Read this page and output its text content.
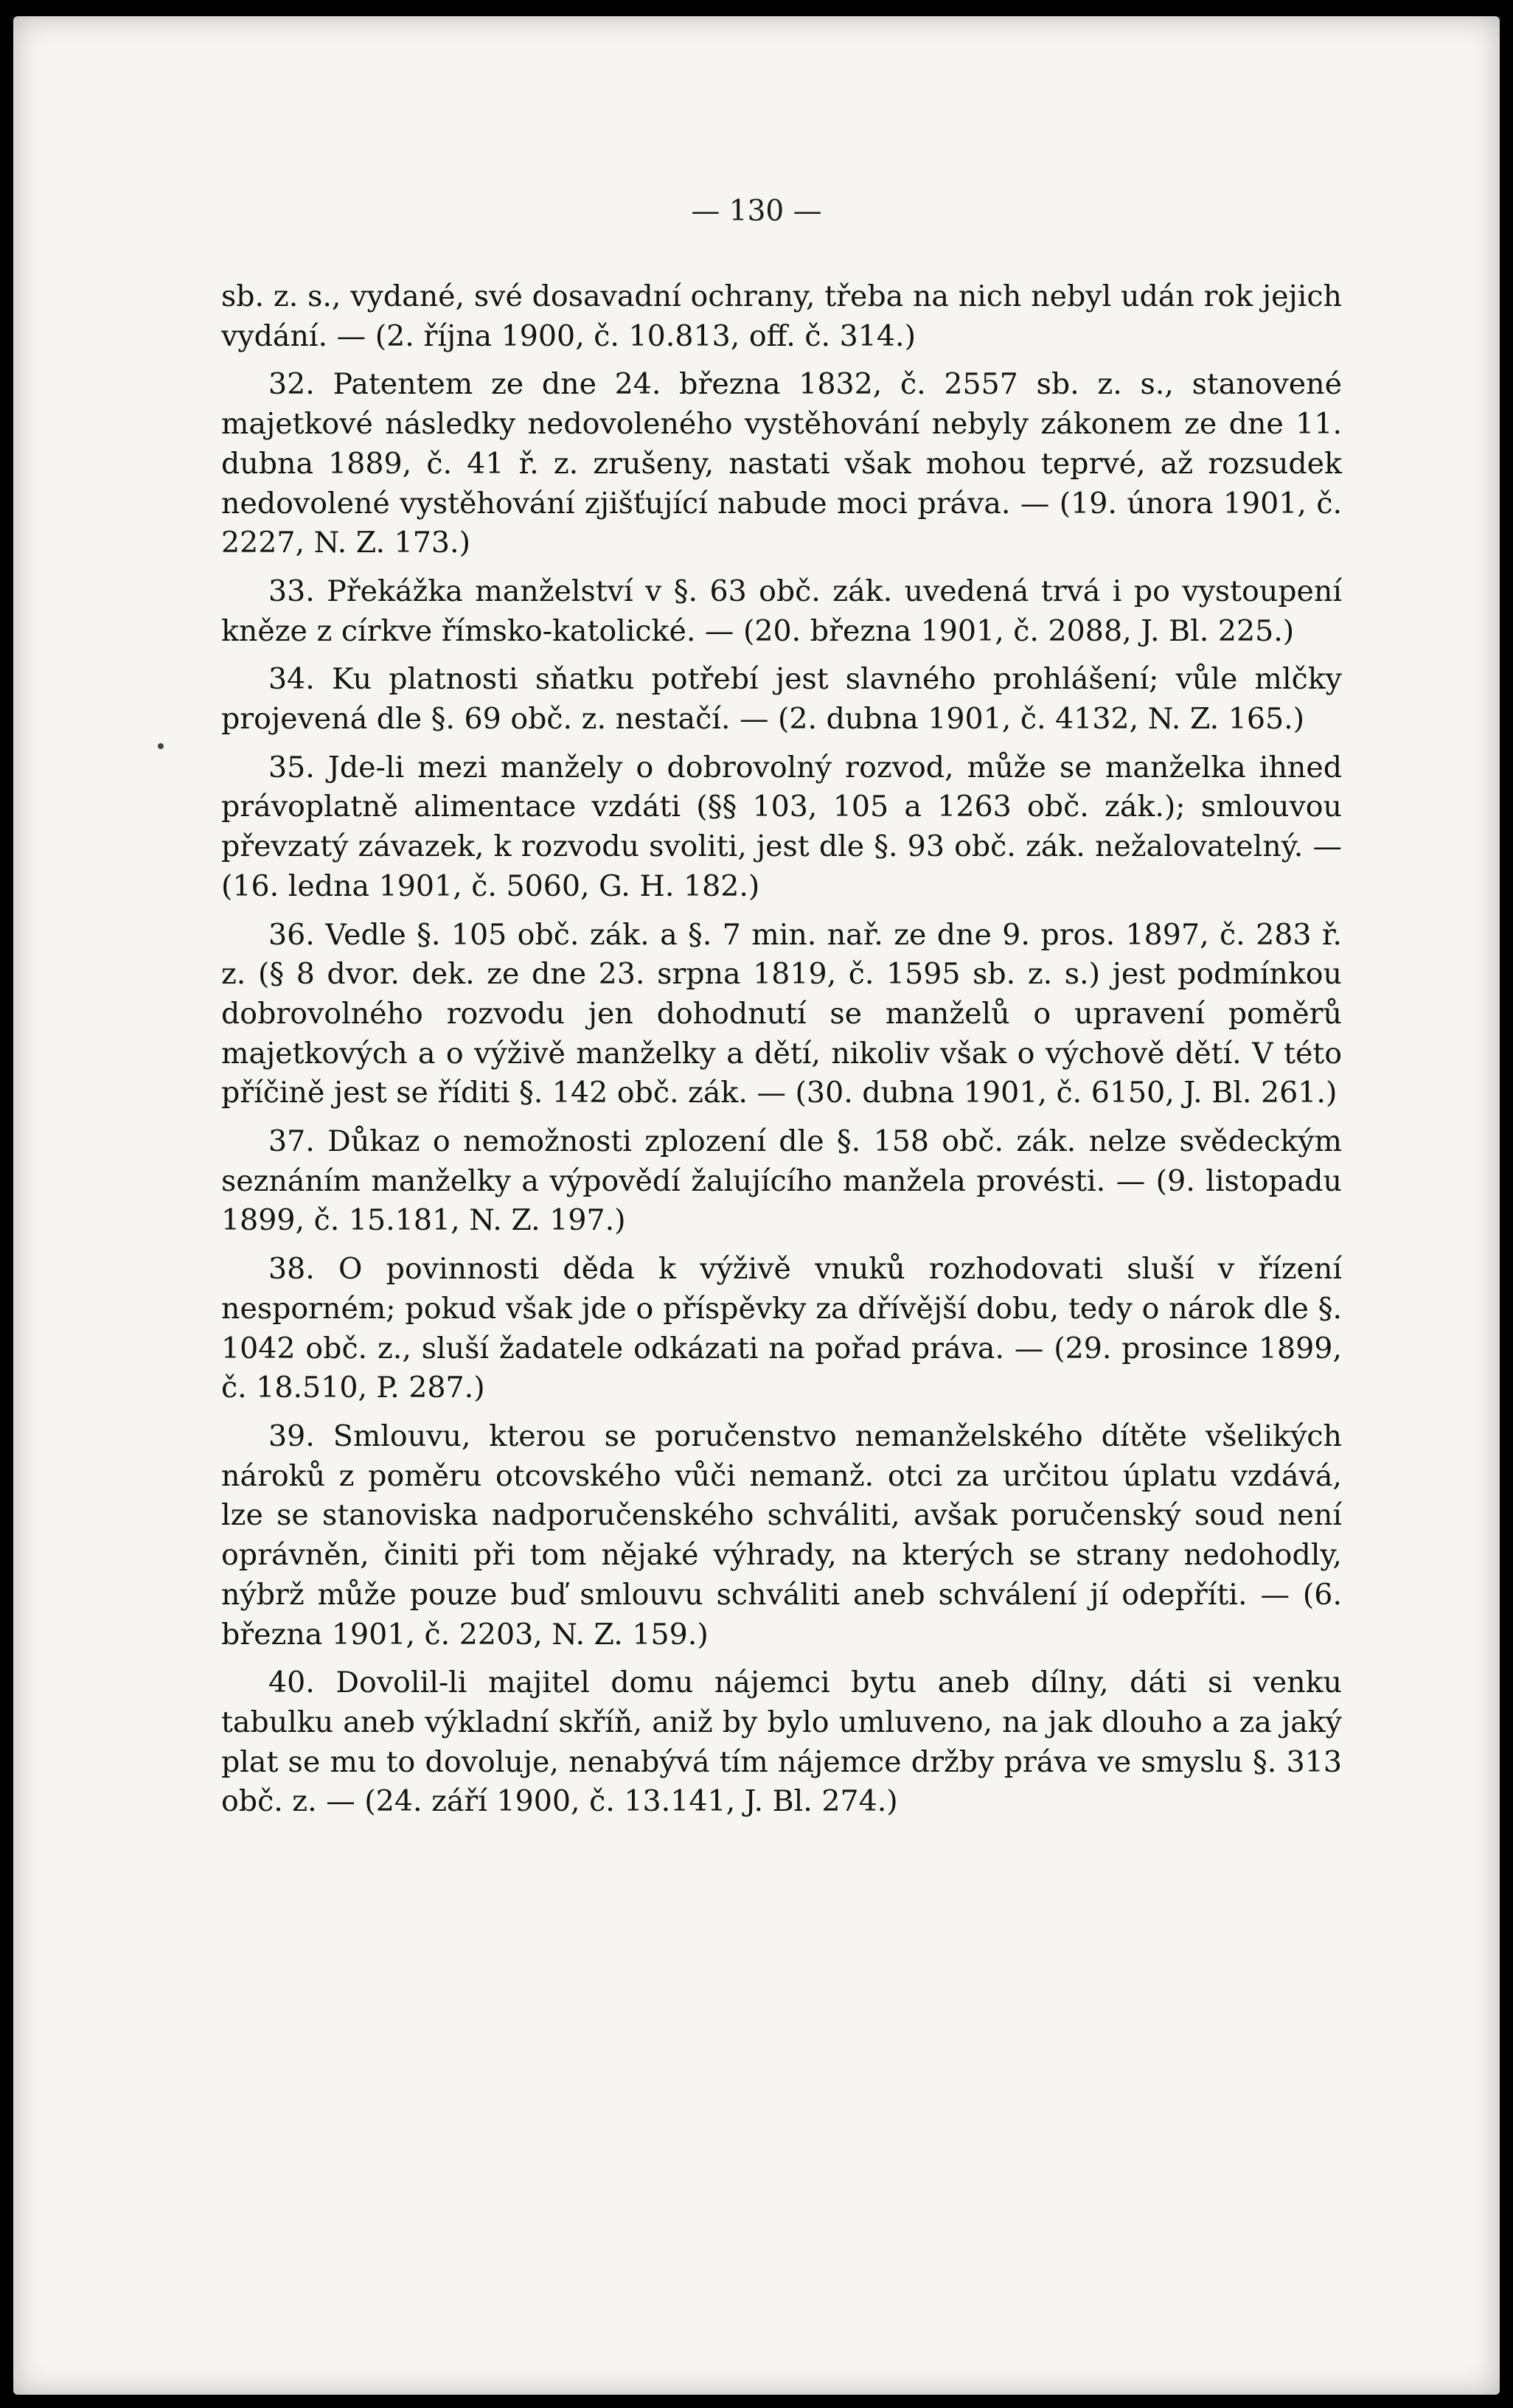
— 130 —

sb. z. s., vydané, své dosavadní ochrany, třeba na nich nebyl udán rok jejich vydání. — (2. října 1900, č. 10.813, off. č. 314.)

32. Patentem ze dne 24. března 1832, č. 2557 sb. z. s., stanovené majetkové následky nedovoleného vystěhování nebyly zákonem ze dne 11. dubna 1889, č. 41 ř. z. zrušeny, nastati však mohou teprvé, až rozsudek nedovolené vystěhování zjišťující nabude moci práva. — (19. února 1901, č. 2227, N. Z. 173.)

33. Překážka manželství v §. 63 obč. zák. uvedená trvá i po vystoupení kněze z církve římsko-katolické. — (20. března 1901, č. 2088, J. Bl. 225.)

34. Ku platnosti sňatku potřebí jest slavného prohlášení; vůle mlčky projevená dle §. 69 obč. z. nestačí. — (2. dubna 1901, č. 4132, N. Z. 165.)

35. Jde-li mezi manžely o dobrovolný rozvod, může se manželka ihned právoplatně alimentace vzdáti (§§ 103, 105 a 1263 obč. zák.); smlouvou převzatý závazek, k rozvodu svoliti, jest dle §. 93 obč. zák. nežalovatelný. — (16. ledna 1901, č. 5060, G. H. 182.)

36. Vedle §. 105 obč. zák. a §. 7 min. nař. ze dne 9. pros. 1897, č. 283 ř. z. (§ 8 dvor. dek. ze dne 23. srpna 1819, č. 1595 sb. z. s.) jest podmínkou dobrovolného rozvodu jen dohodnutí se manželů o upravení poměrů majetkových a o výživě manželky a dětí, nikoliv však o výchově dětí. V této příčině jest se říditi §. 142 obč. zák. — (30. dubna 1901, č. 6150, J. Bl. 261.)

37. Důkaz o nemožnosti zplození dle §. 158 obč. zák. nelze svědeckým seznáním manželky a výpovědí žalujícího manžela provésti. — (9. listopadu 1899, č. 15.181, N. Z. 197.)

38. O povinnosti děda k výživě vnuků rozhodovati sluší v řízení nesporném; pokud však jde o příspěvky za dřívější dobu, tedy o nárok dle §. 1042 obč. z., sluší žadatele odkázati na pořad práva. — (29. prosince 1899, č. 18.510, P. 287.)

39. Smlouvu, kterou se poručenstvo nemanželského dítěte všelikých nároků z poměru otcovského vůči nemanž. otci za určitou úplatu vzdává, lze se stanoviska nadporučenského schváliti, avšak poručenský soud není oprávněn, činiti při tom nějaké výhrady, na kterých se strany nedohodly, nýbrž může pouze buď smlouvu schváliti aneb schválení jí odepříti. — (6. března 1901, č. 2203, N. Z. 159.)

40. Dovolil-li majitel domu nájemci bytu aneb dílny, dáti si venku tabulku aneb výkladní skříň, aniž by bylo umluveno, na jak dlouho a za jaký plat se mu to dovoluje, nenabývá tím nájemce držby práva ve smyslu §. 313 obč. z. — (24. září 1900, č. 13.141, J. Bl. 274.)
